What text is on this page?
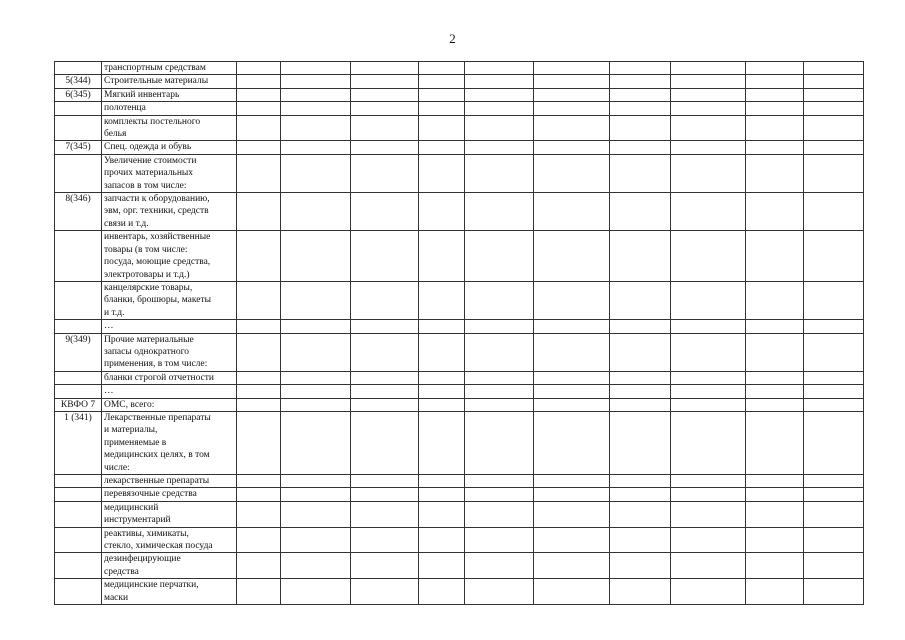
2

	транспортным средствам										

5(344)	Строительные материалы										

6(345)	Мягкий инвентарь										

	полотенца										

	комплекты постельного
белья										

7(345)	Спец. одежда и обувь										

	Увеличение стоимости
прочих материальных
запасов в том числе:										

8(346)	запчасти к оборудованию,
эвм, орг. техники, средств
связи и т.д.										

	инвентарь, хозяйственные
товары (в том числе:
посуда, моющие средства,
электротовары и т.д.)										

	канцелярские товары,
бланки, брошюры, макеты
и т.д.										

	…										

9(349)	Прочие материальные
запасы однократного
применения, в том числе:										

	бланки строгой отчетности										

	…										

КВФО 7	ОМС, всего:										

1 (341)	Лекарственные препараты
и материалы,
применяемые в
медицинских целях, в том
числе:										

	лекарственные препараты										

	перевязочные средства										

	медицинский
инструментарий										

	реактивы, химикаты,
стекло, химическая посуда										

	дезинфецирующие
средства										

	медицинские перчатки,
маски										
